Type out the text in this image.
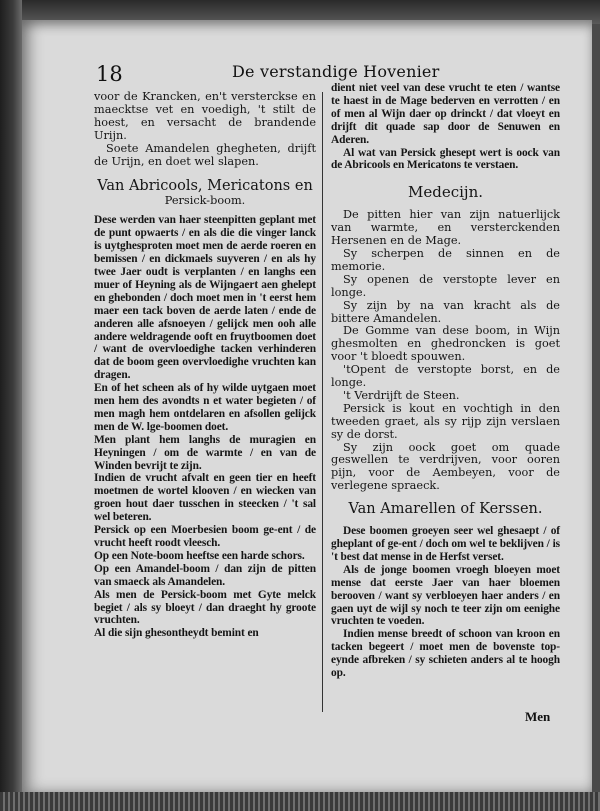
18	De verstandige Hovenier

voor de Krancken, en't versterckse en maecktse vet en voedigh, 't stilt de hoest, en versacht de brandende Urijn.

Soete Amandelen ghegheten, drijft de Urijn, en doet wel slapen.

Van Abricools, Mericatons en

Persick-boom.

Dese werden van haer steenpitten geplant met de punt opwaerts / en als die die vinger lanck is uytghesproten moet men de aerde roeren en bemissen / en dickmaels suyveren / en als hy twee Jaer oudt is verplanten / en langhs een muer of Heyning als de Wijngaert aen ghelept en ghebonden / doch moet men in 't eerst hem maer een tack boven de aerde laten / ende de anderen alle afsnoeyen / gelijck men ooh alle andere weldragende ooft en fruytboomen doet / want de overvloedighe tacken verhinderen dat de boom geen overvloedighe vruchten kan dragen.

En of het scheen als of hy wilde uytgaen moet men hem des avondts n et water begieten / of men magh hem ontdelaren en afsollen gelijck men de W. lge-boomen doet.

Men plant hem langhs de muragien en Heyningen / om de warmte / en van de Winden bevrijt te zijn.

Indien de vrucht afvalt en geen tier en heeft moetmen de wortel klooven / en wiecken van groen hout daer tusschen in steecken / 't sal wel beteren.

Persick op een Moerbesien boom ge-ent / de vrucht heeft roodt vleesch.

Op een Note-boom heeftse een harde schors.

Op een Amandel-boom / dan zijn de pitten van smaeck als Amandelen.

Als men de Persick-boom met Gyte melck begiet / als sy bloeyt / dan draeght hy groote vruchten.

Al die sijn ghesontheydt bemint en

dient niet veel van dese vrucht te eten / wantse te haest in de Mage bederven en verrotten / en of men al Wijn daer op drinckt / dat vloeyt en drijft dit quade sap door de Senuwen en Aderen.

Al wat van Persick ghesept wert is oock van de Abricools en Mericatons te verstaen.

Medecijn.

De pitten hier van zijn natuerlijck van warmte, en versterckenden Hersenen en de Mage.

Sy scherpen de sinnen en de memorie.

Sy openen de verstopte lever en longe.

Sy zijn by na van kracht als de bittere Amandelen.

De Gomme van dese boom, in Wijn ghesmolten en ghedroncken is goet voor 't bloedt spouwen.

'tOpent de verstopte borst, en de longe.

't Verdrijft de Steen.

Persick is kout en vochtigh in den tweeden graet, als sy rijp zijn verslaen sy de dorst.

Sy zijn oock goet om quade geswellen te verdrijven, voor ooren pijn, voor de Aembeyen, voor de verlegene spraeck.

Van Amarellen of Kerssen.

Dese boomen groeyen seer wel ghesaept / of gheplant of ge-ent / doch om wel te beklijven / is 't best dat mense in de Herfst verset.

Als de jonge boomen vroegh bloeyen moet mense dat eerste Jaer van haer bloemen berooven / want sy verbloeyen haer anders / en gaen uyt de wijl sy noch te teer zijn om eenighe vruchten te voeden.

Indien mense breedt of schoon van kroon en tacken begeert / moet men de bovenste top-eynde afbreken / sy schieten anders al te hoogh op.

Men
